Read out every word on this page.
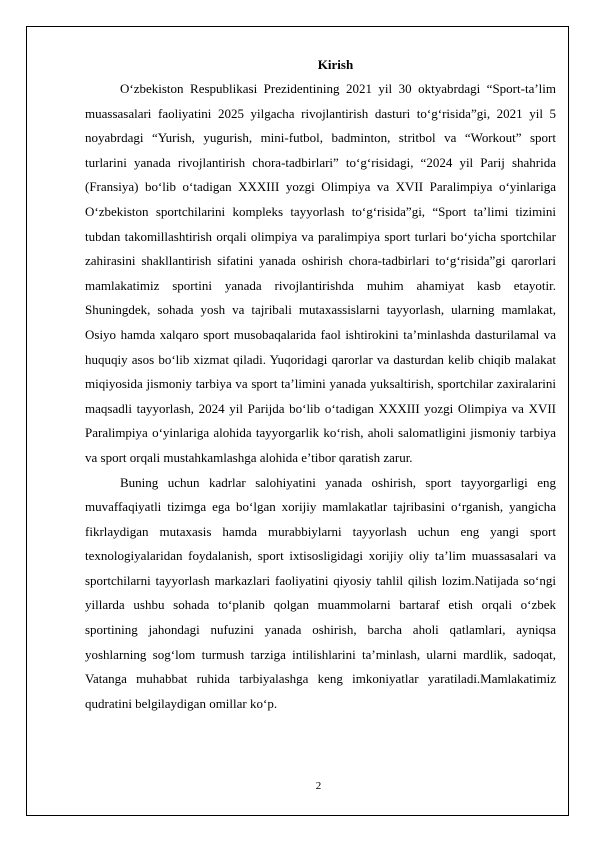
Kirish

O‘zbekiston Respublikasi Prezidentining 2021 yil 30 oktyabrdagi “Sport-ta’lim muassasalari faoliyatini 2025 yilgacha rivojlantirish dasturi to‘g‘risida”gi, 2021 yil 5 noyabrdagi “Yurish, yugurish, mini-futbol, badminton, stritbol va “Workout” sport turlarini yanada rivojlantirish chora-tadbirlari” to‘g‘risidagi, “2024 yil Parij shahrida (Fransiya) bo‘lib o‘tadigan XXXIII yozgi Olimpiya va XVII Paralimpiya o‘yinlariga O‘zbekiston sportchilarini kompleks tayyorlash to‘g‘risida”gi, “Sport ta’limi tizimini tubdan takomillashtirish orqali olimpiya va paralimpiya sport turlari bo‘yicha sportchilar zahirasini shakllantirish sifatini yanada oshirish chora-tadbirlari to‘g‘risida”gi qarorlari mamlakatimiz sportini yanada rivojlantirishda muhim ahamiyat kasb etayotir. Shuningdek, sohada yosh va tajribali mutaxassislarni tayyorlash, ularning mamlakat, Osiyo hamda xalqaro sport musobaqalarida faol ishtirokini ta’minlashda dasturilamal va huquqiy asos bo‘lib xizmat qiladi. Yuqoridagi qarorlar va dasturdan kelib chiqib malakat miqiyosida jismoniy tarbiya va sport ta’limini yanada yuksaltirish, sportchilar zaxiralarini maqsadli tayyorlash, 2024 yil Parijda bo‘lib o‘tadigan XXXIII yozgi Olimpiya va XVII Paralimpiya o‘yinlariga alohida tayyorgarlik ko‘rish, aholi salomatligini jismoniy tarbiya va sport orqali mustahkamlashga alohida e’tibor qaratish zarur.

Buning uchun kadrlar salohiyatini yanada oshirish, sport tayyorgarligi eng muvaffaqiyatli tizimga ega bo‘lgan xorijiy mamlakatlar tajribasini o‘rganish, yangicha fikrlaydigan mutaxasis hamda murabbiylarni tayyorlash uchun eng yangi sport texnologiyalaridan foydalanish, sport ixtisosligidagi xorijiy oliy ta’lim muassasalari va sportchilarni tayyorlash markazlari faoliyatini qiyosiy tahlil qilish lozim.Natijada so‘ngi yillarda ushbu sohada to‘planib qolgan muammolarni bartaraf etish orqali o‘zbek sportining jahondagi nufuzini yanada oshirish, barcha aholi qatlamlari, ayniqsa yoshlarning sog‘lom turmush tarziga intilishlarini ta’minlash, ularni mardlik, sadoqat, Vatanga muhabbat ruhida tarbiyalashga keng imkoniyatlar yaratiladi.Mamlakatimiz qudratini belgilaydigan omillar ko‘p.

2
